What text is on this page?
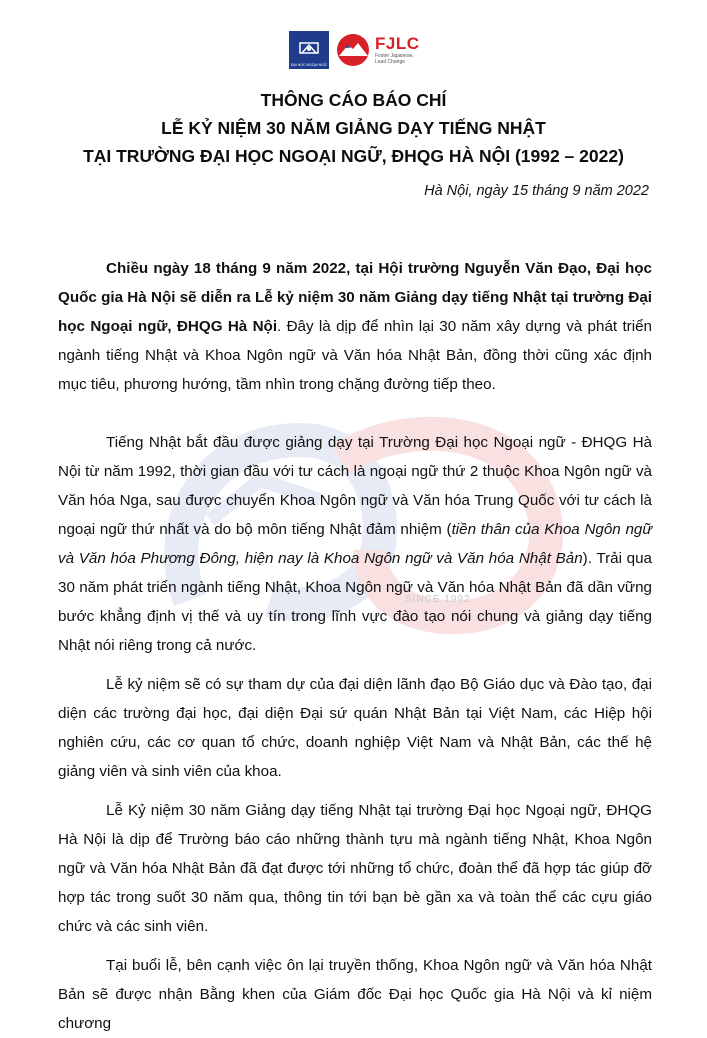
SINCE 1992
ĐẠI HỌC NGOẠI NGỮ
FJLC
Foster Japanese,
Lead Change

THÔNG CÁO BÁO CHÍ

LỄ KỶ NIỆM 30 NĂM GIẢNG DẠY TIẾNG NHẬT

TẠI TRƯỜNG ĐẠI HỌC NGOẠI NGỮ, ĐHQG HÀ NỘI (1992 – 2022)

Hà Nội, ngày 15 tháng 9 năm 2022

Chiều ngày 18 tháng 9 năm 2022, tại Hội trường Nguyễn Văn Đạo, Đại học Quốc gia Hà Nội sẽ diễn ra Lễ kỷ niệm 30 năm Giảng dạy tiếng Nhật tại trường Đại học Ngoại ngữ, ĐHQG Hà Nội. Đây là dịp để nhìn lại 30 năm xây dựng và phát triển ngành tiếng Nhật và Khoa Ngôn ngữ và Văn hóa Nhật Bản, đồng thời cũng xác định mục tiêu, phương hướng, tầm nhìn trong chặng đường tiếp theo.

Tiếng Nhật bắt đầu được giảng dạy tại Trường Đại học Ngoại ngữ - ĐHQG Hà Nội từ năm 1992, thời gian đầu với tư cách là ngoại ngữ thứ 2 thuộc Khoa Ngôn ngữ và Văn hóa Nga, sau được chuyển Khoa Ngôn ngữ và Văn hóa Trung Quốc với tư cách là ngoại ngữ thứ nhất và do bộ môn tiếng Nhật đảm nhiệm (tiền thân của Khoa Ngôn ngữ và Văn hóa Phương Đông, hiện nay là Khoa Ngôn ngữ và Văn hóa Nhật Bản). Trải qua 30 năm phát triển ngành tiếng Nhật, Khoa Ngôn ngữ và Văn hóa Nhật Bản đã dần vững bước khẳng định vị thế và uy tín trong lĩnh vực đào tạo nói chung và giảng dạy tiếng Nhật nói riêng trong cả nước.

Lễ kỷ niệm sẽ có sự tham dự của đại diện lãnh đạo Bộ Giáo dục và Đào tạo, đại diện các trường đại học, đại diện Đại sứ quán Nhật Bản tại Việt Nam, các Hiệp hội nghiên cứu, các cơ quan tổ chức, doanh nghiệp Việt Nam và Nhật Bản, các thế hệ giảng viên và sinh viên của khoa.

Lễ Kỷ niệm 30 năm Giảng dạy tiếng Nhật tại trường Đại học Ngoại ngữ, ĐHQG Hà Nội là dịp để Trường báo cáo những thành tựu mà ngành tiếng Nhật, Khoa Ngôn ngữ và Văn hóa Nhật Bản đã đạt được tới những tổ chức, đoàn thể đã hợp tác giúp đỡ hợp tác trong suốt 30 năm qua, thông tin tới bạn bè gần xa và toàn thể các cựu giáo chức và các sinh viên.

Tại buổi lễ, bên cạnh việc ôn lại truyền thống, Khoa Ngôn ngữ và Văn hóa Nhật Bản sẽ được nhận Bằng khen của Giám đốc Đại học Quốc gia Hà Nội và kỉ niệm chương
